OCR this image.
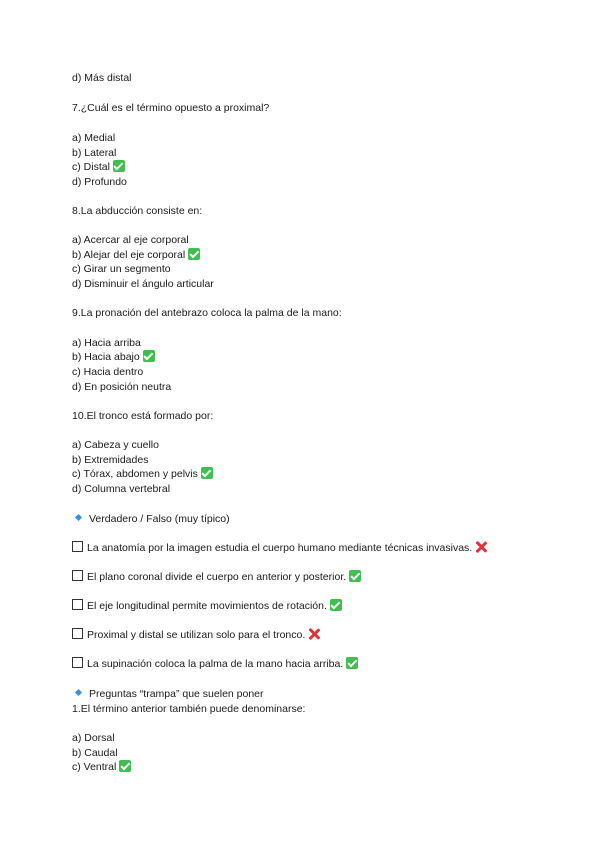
d) Más distal
7.¿Cuál es el término opuesto a proximal?
a) Medial
b) Lateral
c) Distal
d) Profundo
8.La abducción consiste en:
a) Acercar al eje corporal
b) Alejar del eje corporal
c) Girar un segmento
d) Disminuir el ángulo articular
9.La pronación del antebrazo coloca la palma de la mano:
a) Hacia arriba
b) Hacia abajo
c) Hacia dentro
d) En posición neutra
10.El tronco está formado por:
a) Cabeza y cuello
b) Extremidades
c) Tórax, abdomen y pelvis
d) Columna vertebral
Verdadero / Falso (muy típico)
La anatomía por la imagen estudia el cuerpo humano mediante técnicas invasivas.
El plano coronal divide el cuerpo en anterior y posterior.
El eje longitudinal permite movimientos de rotación.
Proximal y distal se utilizan solo para el tronco.
La supinación coloca la palma de la mano hacia arriba.
Preguntas “trampa” que suelen poner
1.El término anterior también puede denominarse:
a) Dorsal
b) Caudal
c) Ventral
